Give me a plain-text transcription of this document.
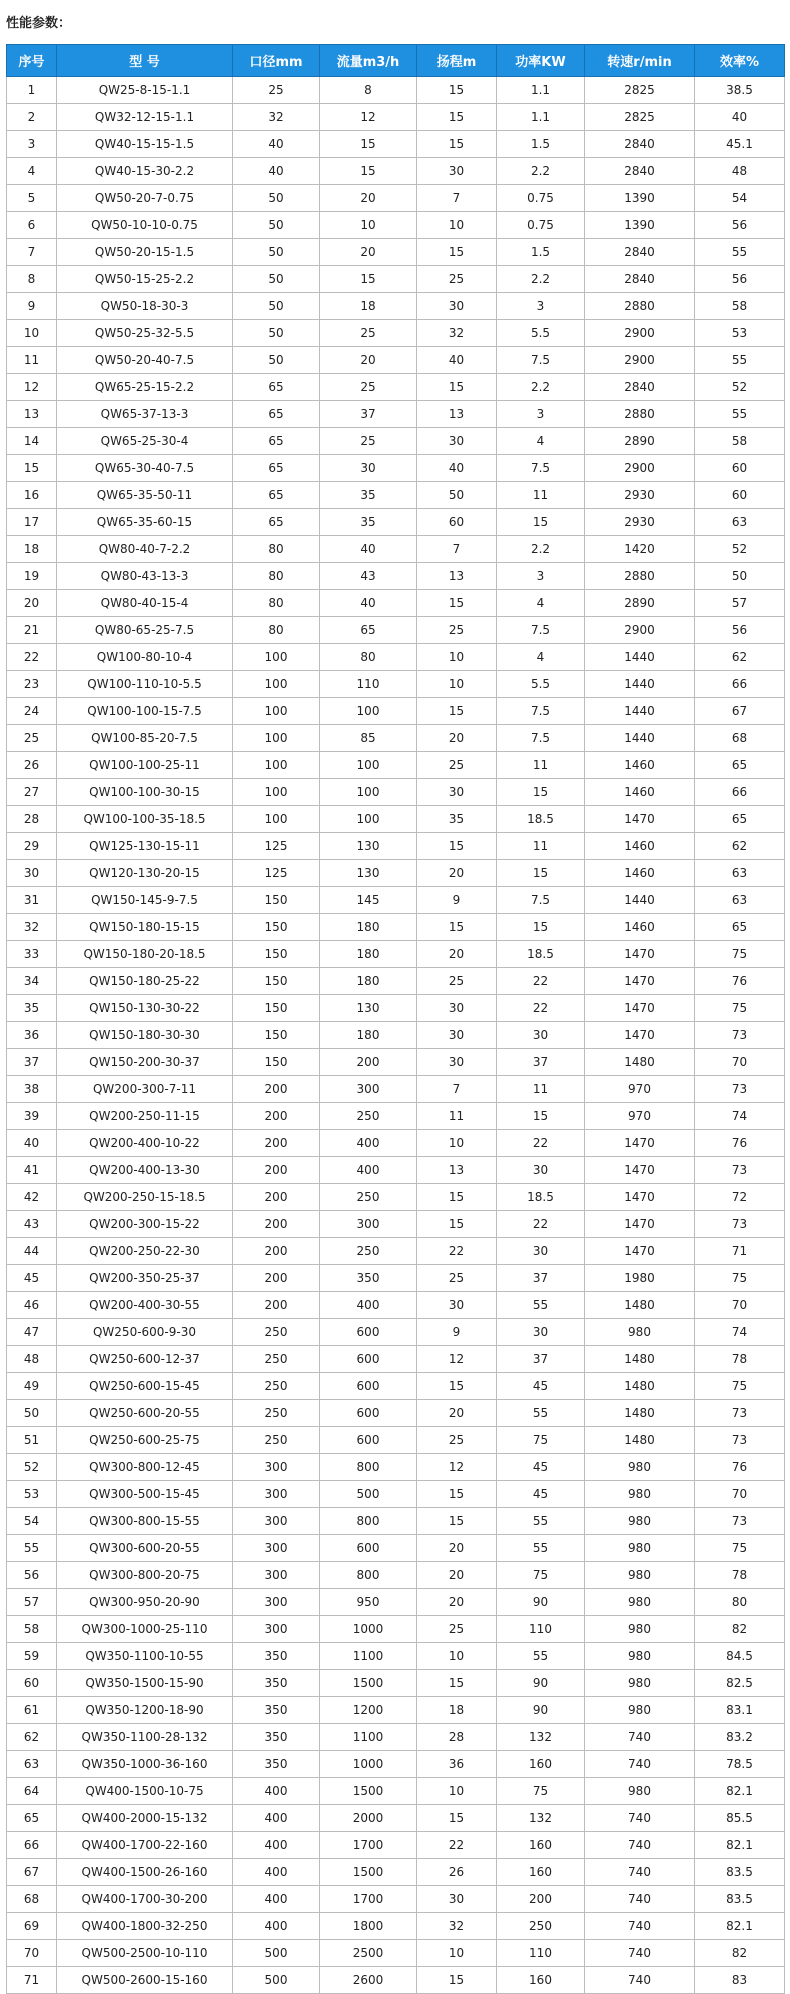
性能参数：
序号	型 号	口径mm	流量m3/h	扬程m	功率KW	转速r/min	效率%
1	QW25-8-15-1.1	25	8	15	1.1	2825	38.5
2	QW32-12-15-1.1	32	12	15	1.1	2825	40
3	QW40-15-15-1.5	40	15	15	1.5	2840	45.1
4	QW40-15-30-2.2	40	15	30	2.2	2840	48
5	QW50-20-7-0.75	50	20	7	0.75	1390	54
6	QW50-10-10-0.75	50	10	10	0.75	1390	56
7	QW50-20-15-1.5	50	20	15	1.5	2840	55
8	QW50-15-25-2.2	50	15	25	2.2	2840	56
9	QW50-18-30-3	50	18	30	3	2880	58
10	QW50-25-32-5.5	50	25	32	5.5	2900	53
11	QW50-20-40-7.5	50	20	40	7.5	2900	55
12	QW65-25-15-2.2	65	25	15	2.2	2840	52
13	QW65-37-13-3	65	37	13	3	2880	55
14	QW65-25-30-4	65	25	30	4	2890	58
15	QW65-30-40-7.5	65	30	40	7.5	2900	60
16	QW65-35-50-11	65	35	50	11	2930	60
17	QW65-35-60-15	65	35	60	15	2930	63
18	QW80-40-7-2.2	80	40	7	2.2	1420	52
19	QW80-43-13-3	80	43	13	3	2880	50
20	QW80-40-15-4	80	40	15	4	2890	57
21	QW80-65-25-7.5	80	65	25	7.5	2900	56
22	QW100-80-10-4	100	80	10	4	1440	62
23	QW100-110-10-5.5	100	110	10	5.5	1440	66
24	QW100-100-15-7.5	100	100	15	7.5	1440	67
25	QW100-85-20-7.5	100	85	20	7.5	1440	68
26	QW100-100-25-11	100	100	25	11	1460	65
27	QW100-100-30-15	100	100	30	15	1460	66
28	QW100-100-35-18.5	100	100	35	18.5	1470	65
29	QW125-130-15-11	125	130	15	11	1460	62
30	QW120-130-20-15	125	130	20	15	1460	63
31	QW150-145-9-7.5	150	145	9	7.5	1440	63
32	QW150-180-15-15	150	180	15	15	1460	65
33	QW150-180-20-18.5	150	180	20	18.5	1470	75
34	QW150-180-25-22	150	180	25	22	1470	76
35	QW150-130-30-22	150	130	30	22	1470	75
36	QW150-180-30-30	150	180	30	30	1470	73
37	QW150-200-30-37	150	200	30	37	1480	70
38	QW200-300-7-11	200	300	7	11	970	73
39	QW200-250-11-15	200	250	11	15	970	74
40	QW200-400-10-22	200	400	10	22	1470	76
41	QW200-400-13-30	200	400	13	30	1470	73
42	QW200-250-15-18.5	200	250	15	18.5	1470	72
43	QW200-300-15-22	200	300	15	22	1470	73
44	QW200-250-22-30	200	250	22	30	1470	71
45	QW200-350-25-37	200	350	25	37	1980	75
46	QW200-400-30-55	200	400	30	55	1480	70
47	QW250-600-9-30	250	600	9	30	980	74
48	QW250-600-12-37	250	600	12	37	1480	78
49	QW250-600-15-45	250	600	15	45	1480	75
50	QW250-600-20-55	250	600	20	55	1480	73
51	QW250-600-25-75	250	600	25	75	1480	73
52	QW300-800-12-45	300	800	12	45	980	76
53	QW300-500-15-45	300	500	15	45	980	70
54	QW300-800-15-55	300	800	15	55	980	73
55	QW300-600-20-55	300	600	20	55	980	75
56	QW300-800-20-75	300	800	20	75	980	78
57	QW300-950-20-90	300	950	20	90	980	80
58	QW300-1000-25-110	300	1000	25	110	980	82
59	QW350-1100-10-55	350	1100	10	55	980	84.5
60	QW350-1500-15-90	350	1500	15	90	980	82.5
61	QW350-1200-18-90	350	1200	18	90	980	83.1
62	QW350-1100-28-132	350	1100	28	132	740	83.2
63	QW350-1000-36-160	350	1000	36	160	740	78.5
64	QW400-1500-10-75	400	1500	10	75	980	82.1
65	QW400-2000-15-132	400	2000	15	132	740	85.5
66	QW400-1700-22-160	400	1700	22	160	740	82.1
67	QW400-1500-26-160	400	1500	26	160	740	83.5
68	QW400-1700-30-200	400	1700	30	200	740	83.5
69	QW400-1800-32-250	400	1800	32	250	740	82.1
70	QW500-2500-10-110	500	2500	10	110	740	82
71	QW500-2600-15-160	500	2600	15	160	740	83
